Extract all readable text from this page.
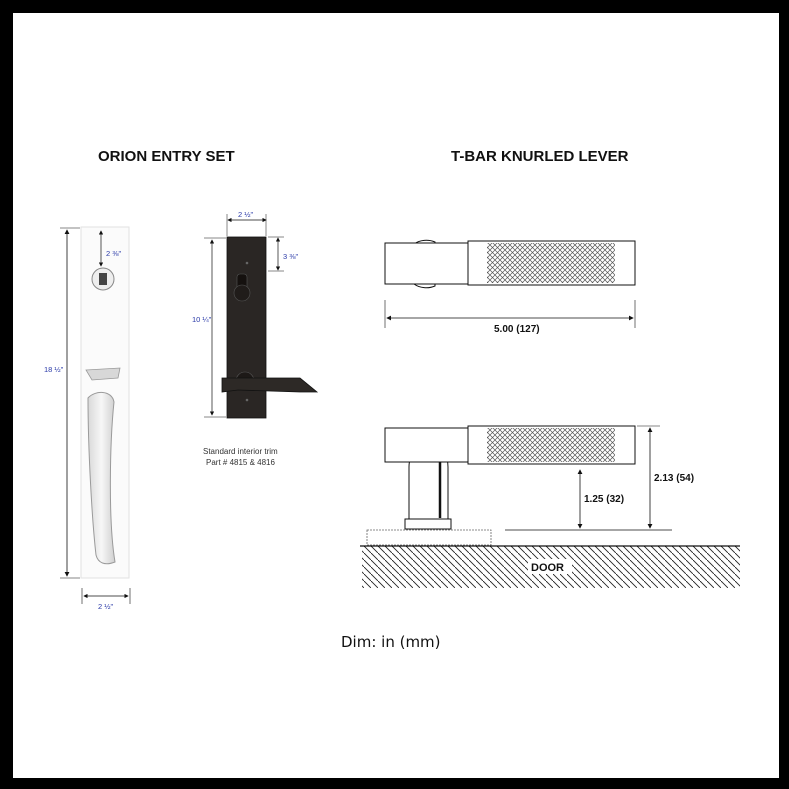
ORION ENTRY SET	T-BAR KNURLED LEVER
18 ½"
2 ⅜"
2 ½"
2 ½"
3 ⅜"
10 ¼"
Standard interior trim
Part # 4815 & 4816
5.00 (127)
1.25 (32)
2.13 (54)
DOOR
Dim: in (mm)
